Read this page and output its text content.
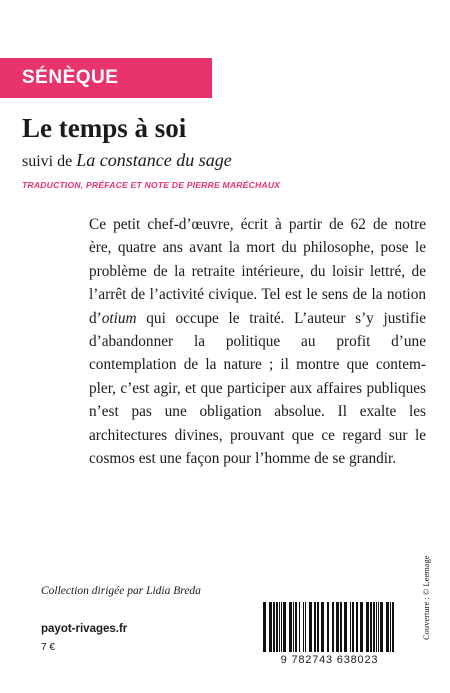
SÉNÈQUE
Le temps à soi
suivi de La constance du sage
TRADUCTION, PRÉFACE ET NOTE DE PIERRE MARÉCHAUX

Ce petit chef-d’œuvre, écrit à partir de 62 de notre
ère, quatre ans avant la mort du philosophe, pose le
problème de la retraite intérieure, du loisir lettré, de
l’arrêt de l’activité civique. Tel est le sens de la notion
d’otium qui occupe le traité. L’auteur s’y justifie
d’abandonner la politique au profit d’une
contemplation de la nature ; il montre que contem-
pler, c’est agir, et que participer aux affaires publiques
n’est pas une obligation absolue. Il exalte les
architectures divines, prouvant que ce regard sur le
cosmos est une façon pour l’homme de se grandir.

Collection dirigée par Lidia Breda
payot-rivages.fr
7 €
9 782743 638023
Couverture : © Leemage
